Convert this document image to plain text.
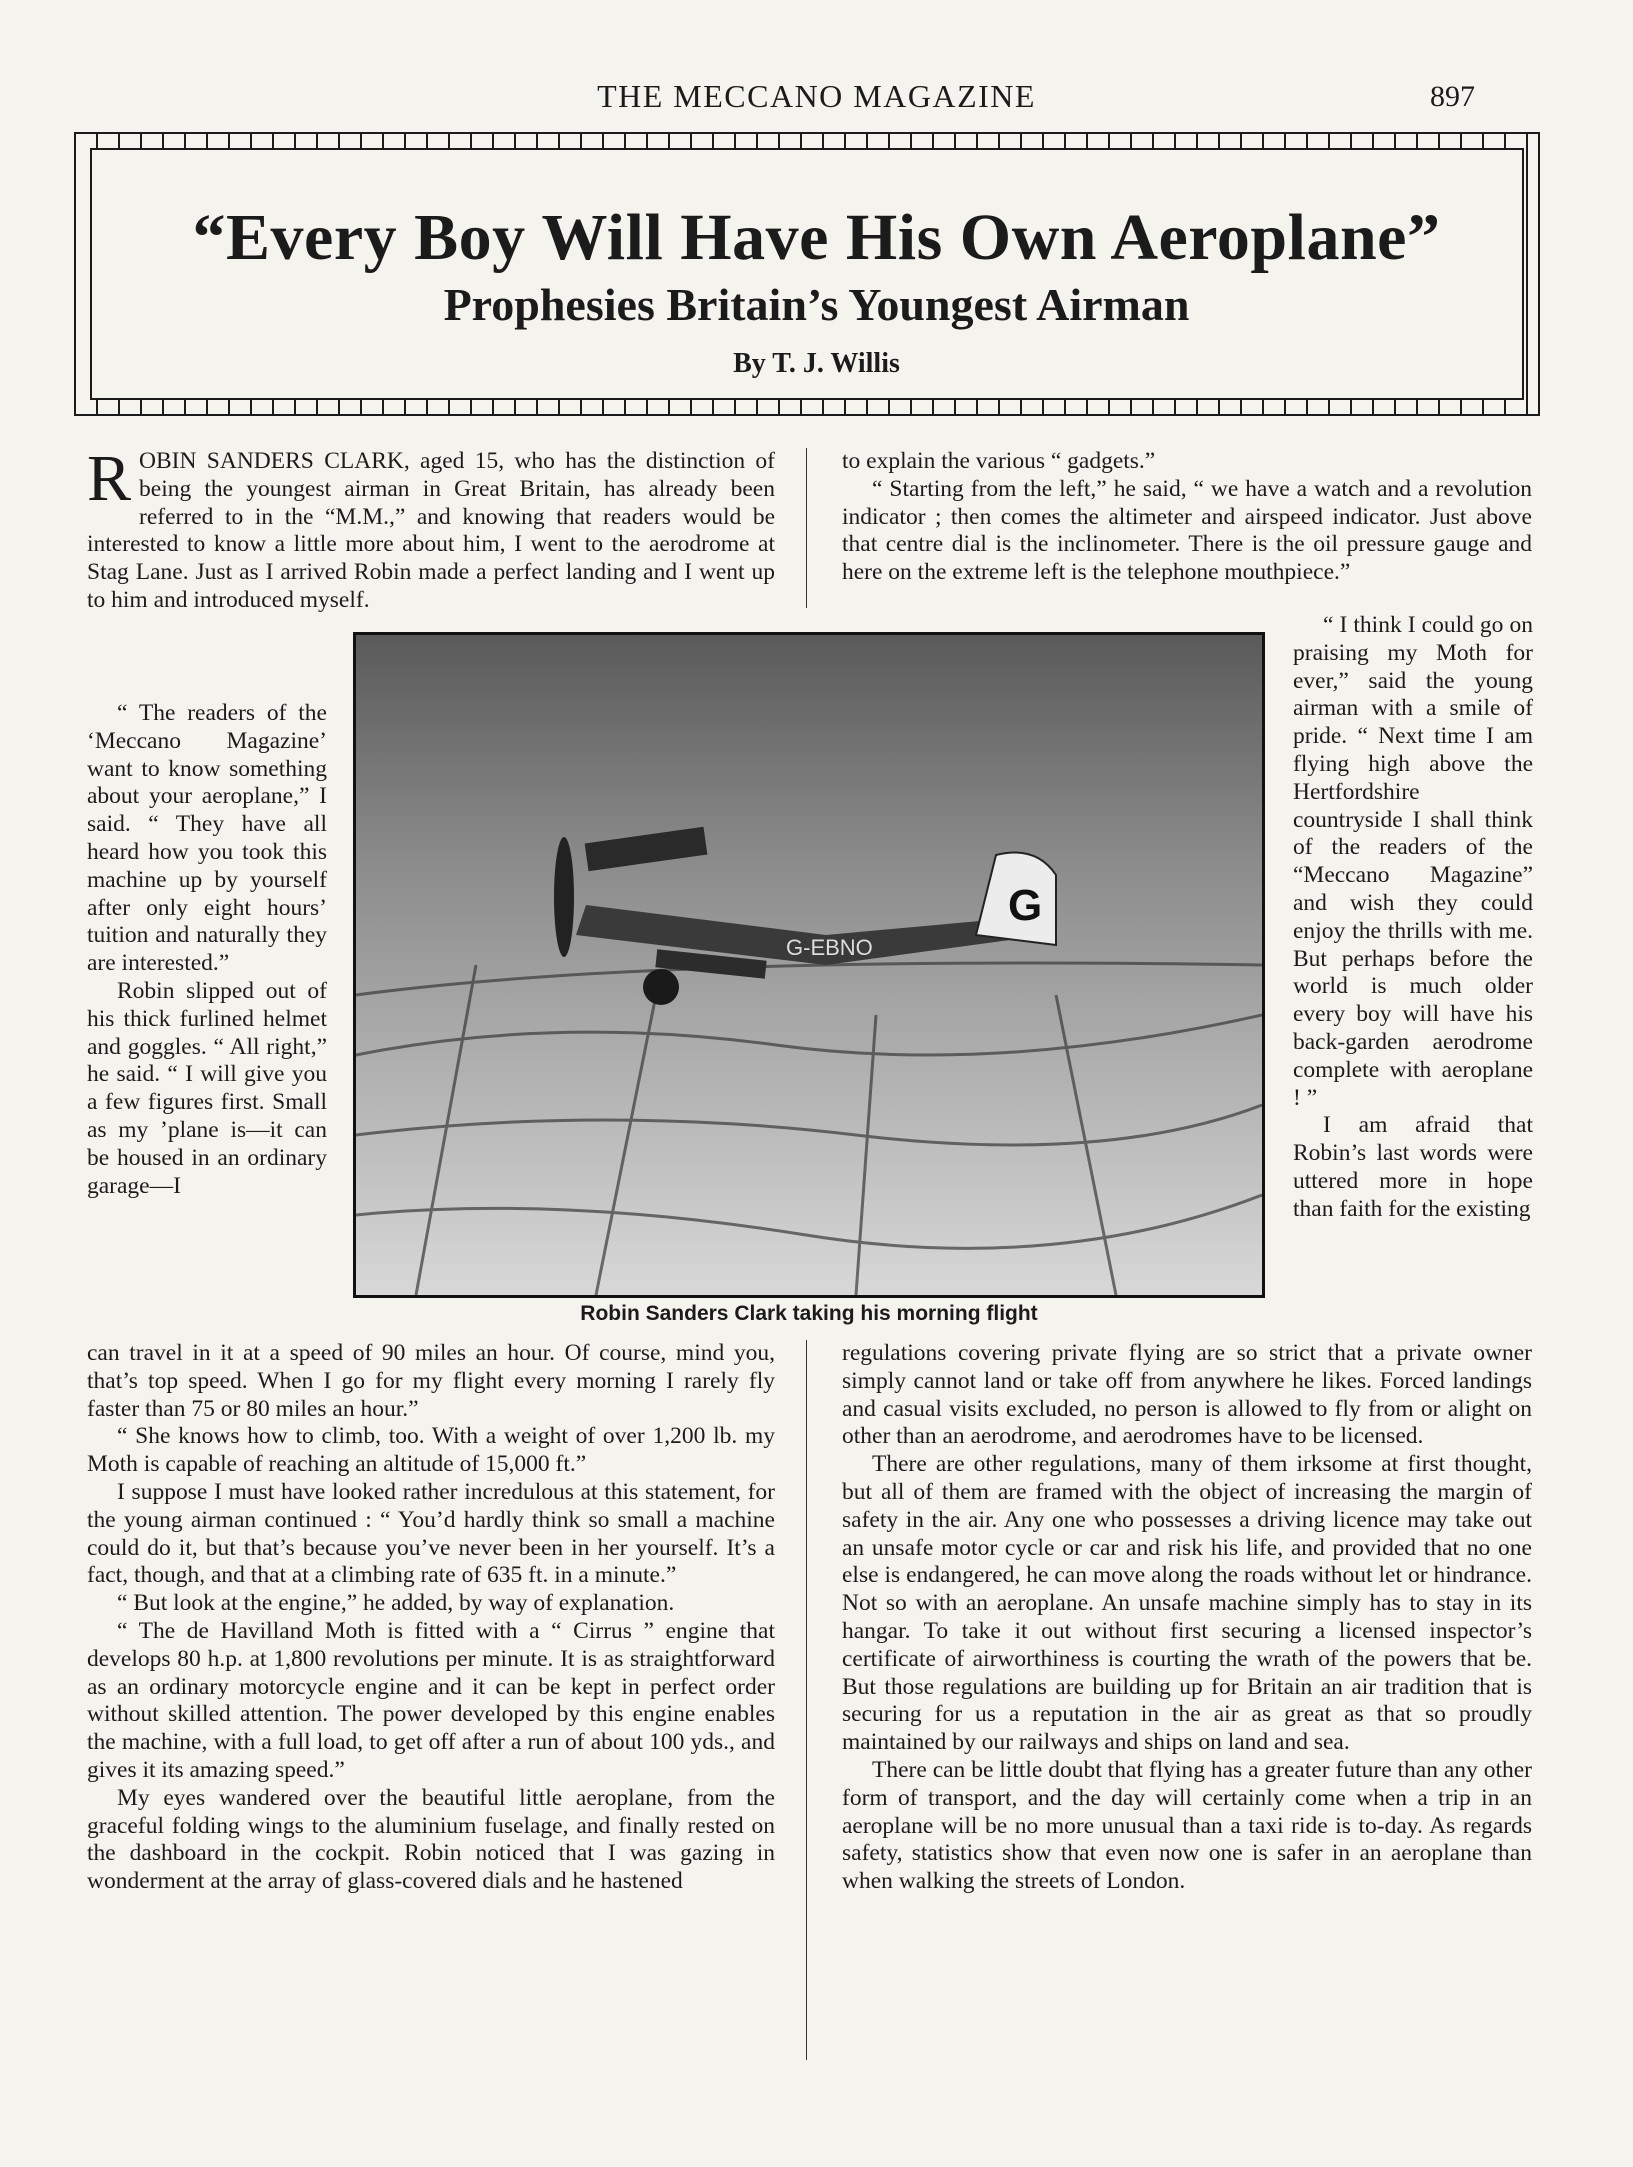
THE MECCANO MAGAZINE	897
“Every Boy Will Have His Own Aeroplane”
Prophesies Britain’s Youngest Airman
By T. J. Willis

ROBIN SANDERS CLARK, aged 15, who has the distinction of being the youngest airman in Great Britain, has already been referred to in the “M.M.,” and knowing that readers would be interested to know a little more about him, I went to the aerodrome at Stag Lane. Just as I arrived Robin made a perfect landing and I went up to him and introduced myself.

“ The readers of the ‘Meccano Magazine’ want to know something about your aeroplane,” I said. “ They have all heard how you took this machine up by yourself after only eight hours’ tuition and naturally they are interested.”

Robin slipped out of his thick furlined helmet and goggles. “ All right,” he said. “ I will give you a few figures first. Small as my ’plane is—it can be housed in an ordinary garage—I

can travel in it at a speed of 90 miles an hour. Of course, mind you, that’s top speed. When I go for my flight every morning I rarely fly faster than 75 or 80 miles an hour.”

“ She knows how to climb, too. With a weight of over 1,200 lb. my Moth is capable of reaching an altitude of 15,000 ft.”

I suppose I must have looked rather incredulous at this statement, for the young airman continued : “ You’d hardly think so small a machine could do it, but that’s because you’ve never been in her yourself. It’s a fact, though, and that at a climbing rate of 635 ft. in a minute.”

“ But look at the engine,” he added, by way of explanation.

“ The de Havilland Moth is fitted with a “ Cirrus ” engine that develops 80 h.p. at 1,800 revolutions per minute. It is as straightforward as an ordinary motorcycle engine and it can be kept in perfect order without skilled attention. The power developed by this engine enables the machine, with a full load, to get off after a run of about 100 yds., and gives it its amazing speed.”

My eyes wandered over the beautiful little aeroplane, from the graceful folding wings to the aluminium fuselage, and finally rested on the dashboard in the cockpit. Robin noticed that I was gazing in wonderment at the array of glass-covered dials and he hastened

to explain the various “ gadgets.”

“ Starting from the left,” he said, “ we have a watch and a revolution indicator ; then comes the altimeter and airspeed indicator. Just above that centre dial is the inclinometer. There is the oil pressure gauge and here on the extreme left is the telephone mouthpiece.”

“ I think I could go on praising my Moth for ever,” said the young airman with a smile of pride. “ Next time I am flying high above the Hertfordshire countryside I shall think of the readers of the “Meccano Magazine” and wish they could enjoy the thrills with me. But perhaps before the world is much older every boy will have his back-garden aerodrome complete with aeroplane ! ”

I am afraid that Robin’s last words were uttered more in hope than faith for the existing

regulations covering private flying are so strict that a private owner simply cannot land or take off from anywhere he likes. Forced landings and casual visits excluded, no person is allowed to fly from or alight on other than an aerodrome, and aerodromes have to be licensed.

There are other regulations, many of them irksome at first thought, but all of them are framed with the object of increasing the margin of safety in the air. Any one who possesses a driving licence may take out an unsafe motor cycle or car and risk his life, and provided that no one else is endangered, he can move along the roads without let or hindrance. Not so with an aeroplane. An unsafe machine simply has to stay in its hangar. To take it out without first securing a licensed inspector’s certificate of airworthiness is courting the wrath of the powers that be. But those regulations are building up for Britain an air tradition that is securing for us a reputation in the air as great as that so proudly maintained by our railways and ships on land and sea.

There can be little doubt that flying has a greater future than any other form of transport, and the day will certainly come when a trip in an aeroplane will be no more unusual than a taxi ride is to-day. As regards safety, statistics show that even now one is safer in an aeroplane than when walking the streets of London.

G
G-EBNO
Robin Sanders Clark taking his morning flight
